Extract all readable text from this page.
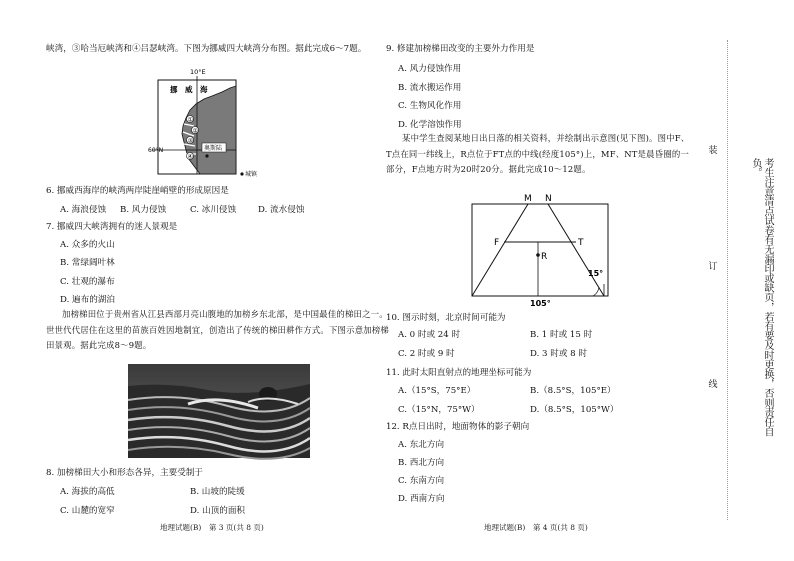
峡湾，③哈当厄峡湾和④吕瑟峡湾。下图为挪威四大峡湾分布图。据此完成6～7题。
10°E
60°N
挪　威　海
奥斯陆
①
②
③
④
城镇
6. 挪威西海岸的峡湾两岸陡崖峭壁的形成原因是
A. 海浪侵蚀 B. 风力侵蚀	C. 冰川侵蚀	D. 流水侵蚀
7. 挪威四大峡湾拥有的迷人景观是
A. 众多的火山
B. 常绿阔叶林
C. 壮观的瀑布
D. 遍布的湖泊
加榜梯田位于贵州省从江县西部月亮山腹地的加榜乡东北部，是中国最佳的梯田之一。世世代代居住在这里的苗族百姓因地制宜，创造出了传统的梯田耕作方式。下图示意加榜梯田景观。据此完成8～9题。
8. 加榜梯田大小和形态各异，主要受制于
A. 海拔的高低	B. 山坡的陡缓
C. 山麓的宽窄	D. 山顶的面积
地理试题(B)　第 3 页(共 8 页)
9. 修建加榜梯田改变的主要外力作用是
A. 风力侵蚀作用
B. 流水搬运作用
C. 生物风化作用
D. 化学溶蚀作用
某中学生查阅某地日出日落的相关资料，并绘制出示意图(见下图)。图中F、T点在同一纬线上，R点位于FT点的中线(经度105°)上，MF、NT是晨昏圈的一部分，F点地方时为20时20分。据此完成10～12题。
M N
F	T
R
15°
105°
10. 图示时刻，北京时间可能为
A. 0 时或 24 时	B. 1 时或 15 时
C. 2 时或 9 时	D. 3 时或 8 时
11. 此时太阳直射点的地理坐标可能为
A.（15°S，75°E）	B.（8.5°S，105°E）
C.（15°N，75°W）	D.（8.5°S，105°W）
12. R点日出时，地面物体的影子朝向
A. 东北方向
B. 西北方向
C. 东南方向
D. 西南方向
地理试题(B)　第 4 页(共 8 页)
装
订
线	考生注意清点试卷有无漏印或缺页，若有要及时更换，否则责任自负。
